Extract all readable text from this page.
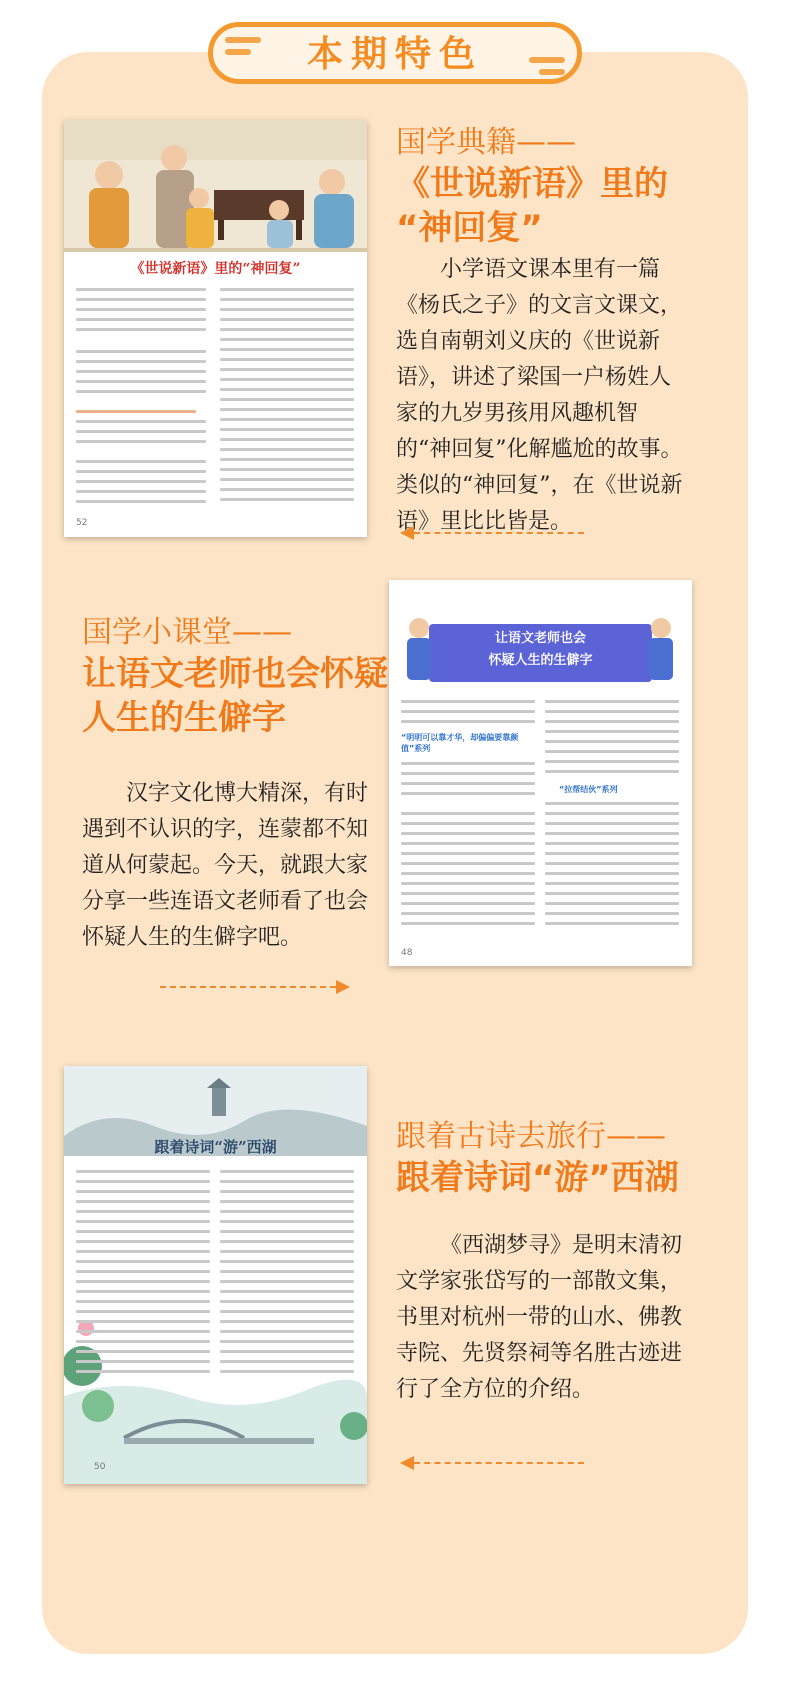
本期特色
《世说新语》里的“神回复”
52
国学典籍——
《世说新语》里的
“神回复”
小学语文课本里有一篇《杨氏之子》的文言文课文，选自南朝刘义庆的《世说新语》，讲述了梁国一户杨姓人家的九岁男孩用风趣机智的“神回复”化解尴尬的故事。类似的“神回复”，在《世说新语》里比比皆是。
国学小课堂——
让语文老师也会怀疑
人生的生僻字
汉字文化博大精深，有时遇到不认识的字，连蒙都不知道从何蒙起。今天，就跟大家分享一些连语文老师看了也会怀疑人生的生僻字吧。
让语文老师也会
怀疑人生的生僻字
“明明可以靠才华，却偏偏要靠颜值”系列
“拉帮结伙”系列
48
跟着诗词“游”西湖
50
跟着古诗去旅行——
跟着诗词“游”西湖
《西湖梦寻》是明末清初文学家张岱写的一部散文集，书里对杭州一带的山水、佛教寺院、先贤祭祠等名胜古迹进行了全方位的介绍。
